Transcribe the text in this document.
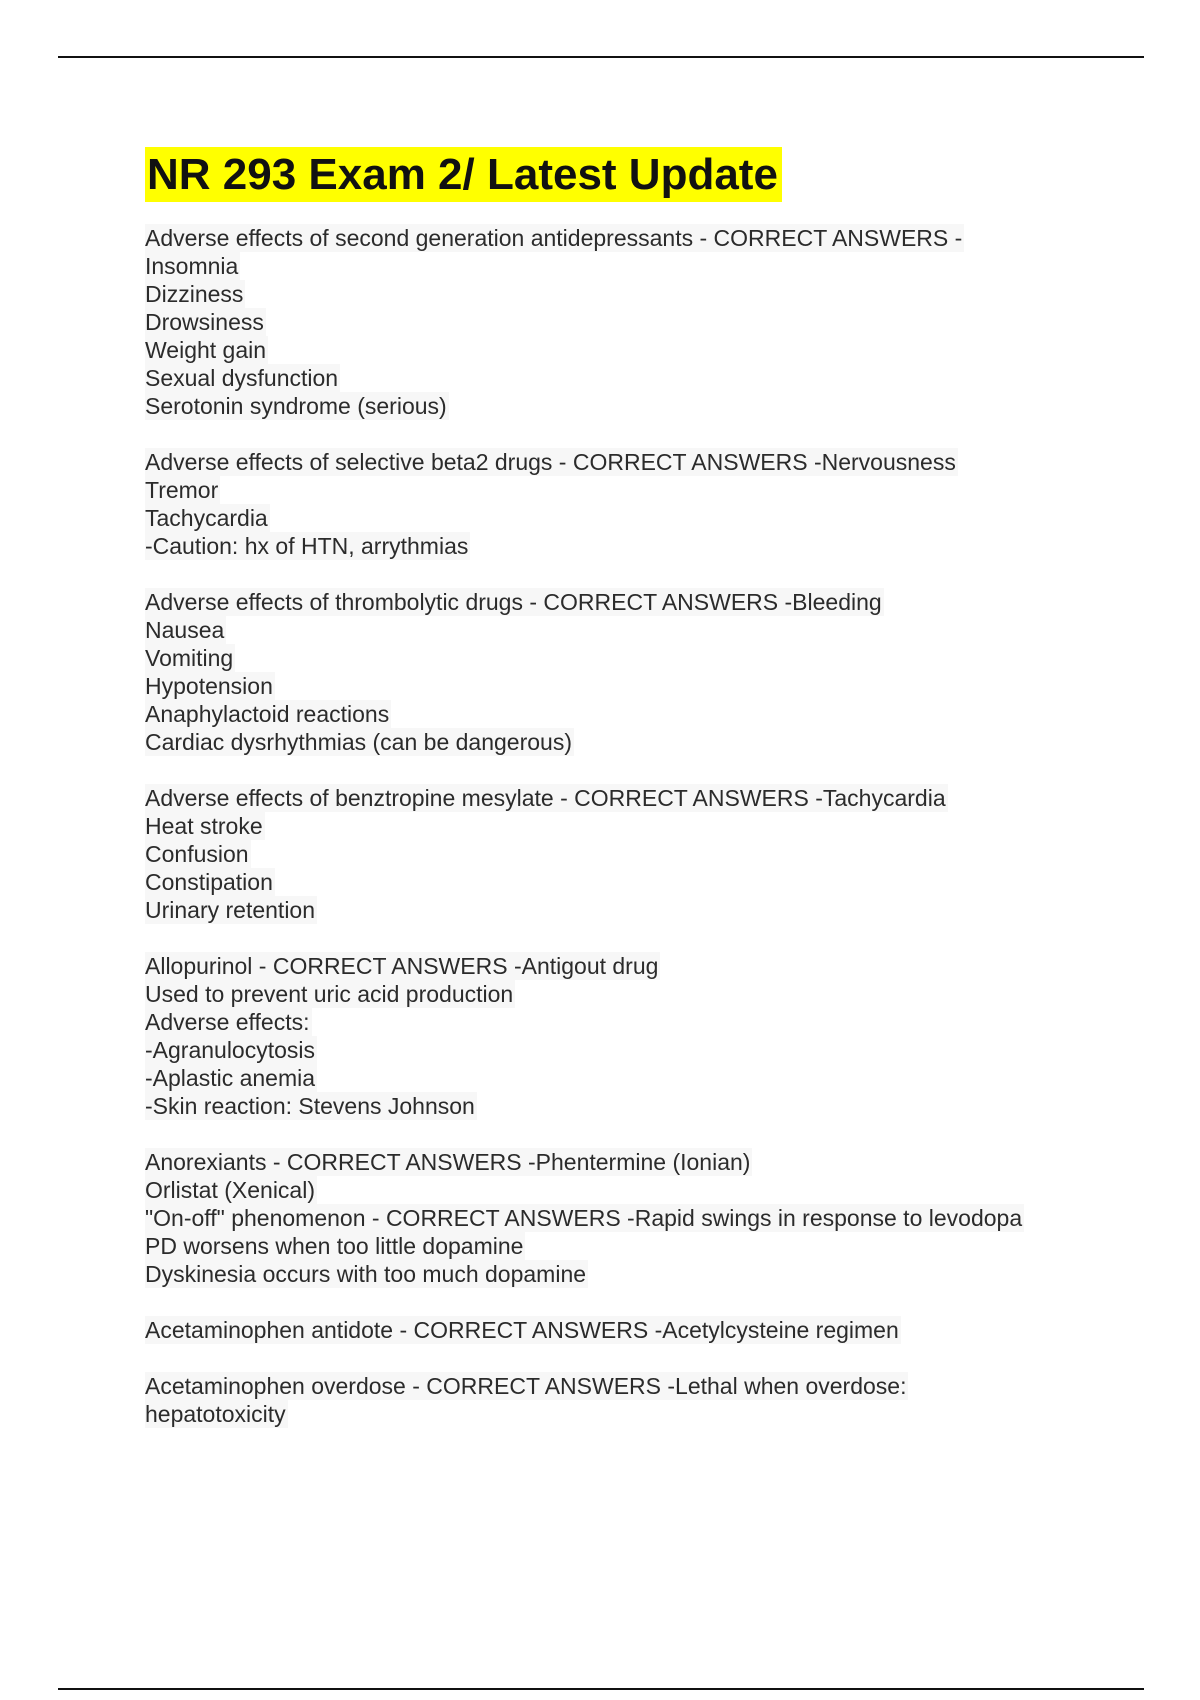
NR 293 Exam 2/ Latest Update
Adverse effects of second generation antidepressants - CORRECT ANSWERS -
Insomnia
Dizziness
Drowsiness
Weight gain
Sexual dysfunction
Serotonin syndrome (serious)
Adverse effects of selective beta2 drugs - CORRECT ANSWERS -Nervousness
Tremor
Tachycardia
-Caution: hx of HTN, arrythmias
Adverse effects of thrombolytic drugs - CORRECT ANSWERS -Bleeding
Nausea
Vomiting
Hypotension
Anaphylactoid reactions
Cardiac dysrhythmias (can be dangerous)
Adverse effects of benztropine mesylate - CORRECT ANSWERS -Tachycardia
Heat stroke
Confusion
Constipation
Urinary retention
Allopurinol - CORRECT ANSWERS -Antigout drug
Used to prevent uric acid production
Adverse effects:
-Agranulocytosis
-Aplastic anemia
-Skin reaction: Stevens Johnson
Anorexiants - CORRECT ANSWERS -Phentermine (Ionian)
Orlistat (Xenical)
"On-off" phenomenon - CORRECT ANSWERS -Rapid swings in response to levodopa
PD worsens when too little dopamine
Dyskinesia occurs with too much dopamine
Acetaminophen antidote - CORRECT ANSWERS -Acetylcysteine regimen
Acetaminophen overdose - CORRECT ANSWERS -Lethal when overdose:
hepatotoxicity
